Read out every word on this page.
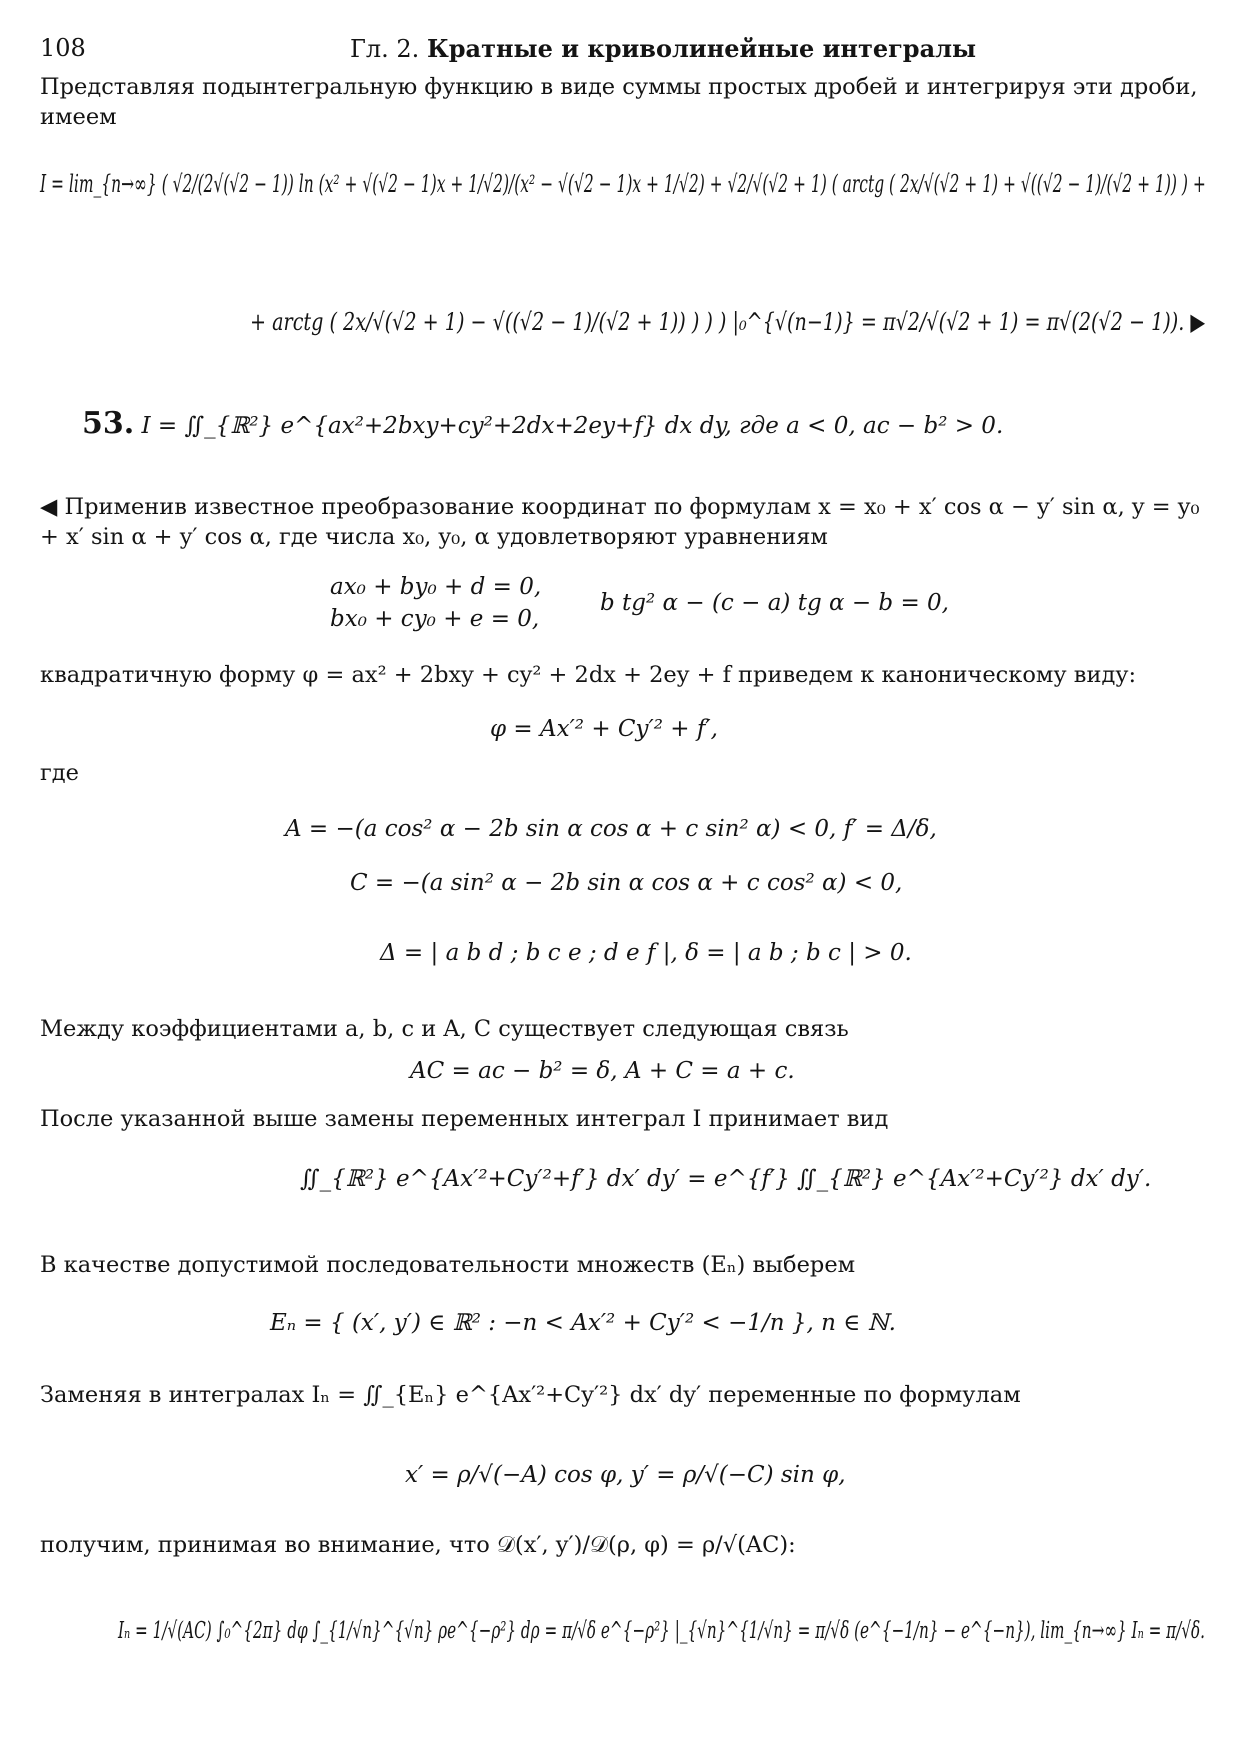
108	Гл. 2. Кратные и криволинейные интегралы
Представляя подынтегральную функцию в виде суммы простых дробей и интегрируя эти дроби, имеем
I = lim_{n→∞} ( √2/(2√(√2 − 1)) ln (x² + √(√2 − 1)x + 1/√2)/(x² − √(√2 − 1)x + 1/√2) + √2/√(√2 + 1) ( arctg ( 2x/√(√2 + 1) + √((√2 − 1)/(√2 + 1)) ) +
+ arctg ( 2x/√(√2 + 1) − √((√2 − 1)/(√2 + 1)) ) ) ) |₀^{√(n−1)} = π√2/√(√2 + 1) = π√(2(√2 − 1)). ▶
53. I = ∬_{ℝ²} e^{ax²+2bxy+cy²+2dx+2ey+f} dx dy, где a < 0, ac − b² > 0.
◀ Применив известное преобразование координат по формулам x = x₀ + x′ cos α − y′ sin α, y = y₀ + x′ sin α + y′ cos α, где числа x₀, y₀, α удовлетворяют уравнениям
ax₀ + by₀ + d = 0,
bx₀ + cy₀ + e = 0,
b tg² α − (c − a) tg α − b = 0,
квадратичную форму φ = ax² + 2bxy + cy² + 2dx + 2ey + f приведем к каноническому виду:
φ = Ax′² + Cy′² + f′,
где
A = −(a cos² α − 2b sin α cos α + c sin² α) < 0, f′ = Δ/δ,
C = −(a sin² α − 2b sin α cos α + c cos² α) < 0,
Δ = | a b d ; b c e ; d e f |, δ = | a b ; b c | > 0.
Между коэффициентами a, b, c и A, C существует следующая связь
AC = ac − b² = δ, A + C = a + c.
После указанной выше замены переменных интеграл I принимает вид
∬_{ℝ²} e^{Ax′²+Cy′²+f′} dx′ dy′ = e^{f′} ∬_{ℝ²} e^{Ax′²+Cy′²} dx′ dy′.
В качестве допустимой последовательности множеств (Eₙ) выберем
Eₙ = { (x′, y′) ∈ ℝ² : −n < Ax′² + Cy′² < −1/n }, n ∈ ℕ.
Заменяя в интегралах Iₙ = ∬_{Eₙ} e^{Ax′²+Cy′²} dx′ dy′ переменные по формулам
x′ = ρ/√(−A) cos φ, y′ = ρ/√(−C) sin φ,
получим, принимая во внимание, что 𝒟(x′, y′)/𝒟(ρ, φ) = ρ/√(AC):
Iₙ = 1/√(AC) ∫₀^{2π} dφ ∫_{1/√n}^{√n} ρe^{−ρ²} dρ = π/√δ e^{−ρ²} |_{√n}^{1/√n} = π/√δ (e^{−1/n} − e^{−n}), lim_{n→∞} Iₙ = π/√δ.
